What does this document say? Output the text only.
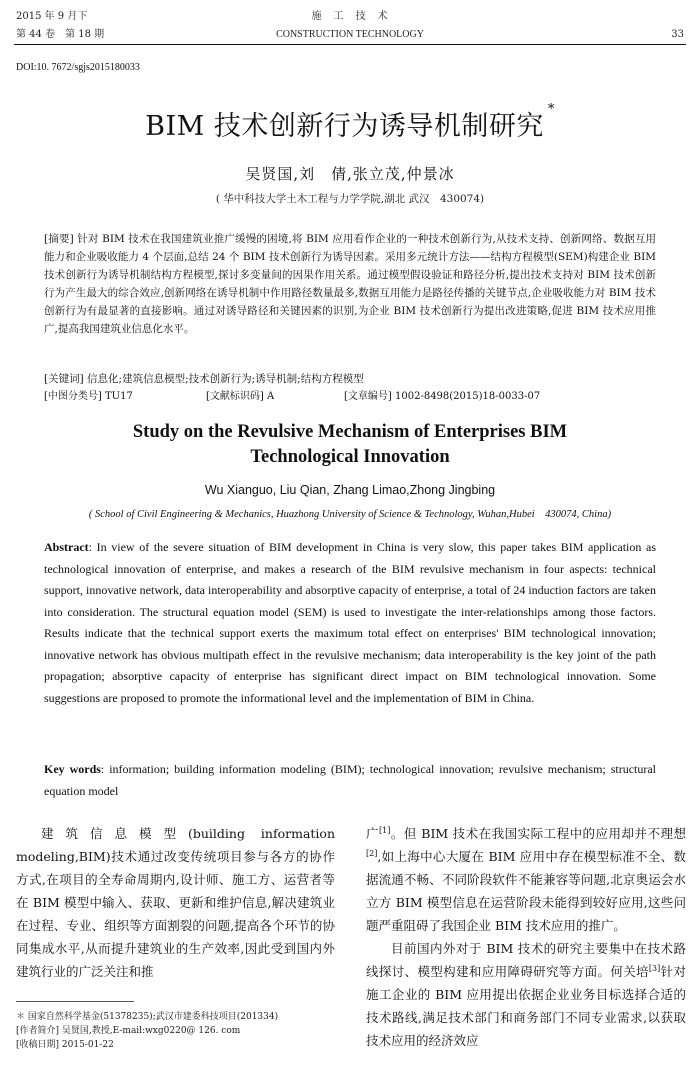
2015 年 9 月下
第 44 卷　第 18 期
施　工　技　术
CONSTRUCTION TECHNOLOGY	33
DOI:10. 7672/sgjs2015180033
BIM 技术创新行为诱导机制研究*
吴贤国,刘　倩,张立茂,仲景冰
( 华中科技大学土木工程与力学学院,湖北 武汉　430074)
[摘要] 针对 BIM 技术在我国建筑业推广缓慢的困境,将 BIM 应用看作企业的一种技术创新行为,从技术支持、创新网络、数据互用能力和企业吸收能力 4 个层面,总结 24 个 BIM 技术创新行为诱导因素。采用多元统计方法——结构方程模型(SEM)构建企业 BIM 技术创新行为诱导机制结构方程模型,探讨多变量间的因果作用关系。通过模型假设验证和路径分析,提出技术支持对 BIM 技术创新行为产生最大的综合效应,创新网络在诱导机制中作用路径数量最多,数据互用能力是路径传播的关键节点,企业吸收能力对 BIM 技术创新行为有最显著的直接影响。通过对诱导路径和关键因素的识别,为企业 BIM 技术创新行为提出改进策略,促进 BIM 技术应用推广,提高我国建筑业信息化水平。
[关键词] 信息化;建筑信息模型;技术创新行为;诱导机制;结构方程模型
[中图分类号] TU17	[文献标识码] A	[文章编号] 1002-8498(2015)18-0033-07
Study on the Revulsive Mechanism of Enterprises BIM
Technological Innovation
Wu Xianguo, Liu Qian, Zhang Limao,Zhong Jingbing
( School of Civil Engineering & Mechanics, Huazhong University of Science & Technology, Wuhan,Hubei　430074, China)
Abstract: In view of the severe situation of BIM development in China is very slow, this paper takes BIM application as technological innovation of enterprise, and makes a research of the BIM revulsive mechanism in four aspects: technical support, innovative network, data interoperability and absorptive capacity of enterprise, a total of 24 induction factors are taken into consideration. The structural equation model (SEM) is used to investigate the inter-relationships among those factors. Results indicate that the technical support exerts the maximum total effect on enterprises' BIM technological innovation; innovative network has obvious multipath effect in the revulsive mechanism; data interoperability is the key joint of the path propagation; absorptive capacity of enterprise has significant direct impact on BIM technological innovation. Some suggestions are proposed to promote the informational level and the implementation of BIM in China.
Key words: information; building information modeling (BIM); technological innovation; revulsive mechanism; structural equation model
建筑信息模型(building information modeling,BIM)技术通过改变传统项目参与各方的协作方式,在项目的全寿命周期内,设计师、施工方、运营者等在 BIM 模型中输入、获取、更新和维护信息,解决建筑业在过程、专业、组织等方面割裂的问题,提高各个环节的协同集成水平,从而提升建筑业的生产效率,因此受到国内外建筑行业的广泛关注和推
广[1]。但 BIM 技术在我国实际工程中的应用却并不理想[2],如上海中心大厦在 BIM 应用中存在模型标准不全、数据流通不畅、不同阶段软件不能兼容等问题,北京奥运会水立方 BIM 模型信息在运营阶段未能得到较好应用,这些问题严重阻碍了我国企业 BIM 技术应用的推广。
目前国内外对于 BIM 技术的研究主要集中在技术路线探讨、模型构建和应用障碍研究等方面。何关培[3]针对施工企业的 BIM 应用提出依据企业业务目标选择合适的技术路线,满足技术部门和商务部门不同专业需求,以获取技术应用的经济效应
＊ 国家自然科学基金(51378235);武汉市建委科技项目(201334)
[作者简介] 吴贤国,教授,E-mail:wxg0220@ 126. com
[收稿日期] 2015-01-22
